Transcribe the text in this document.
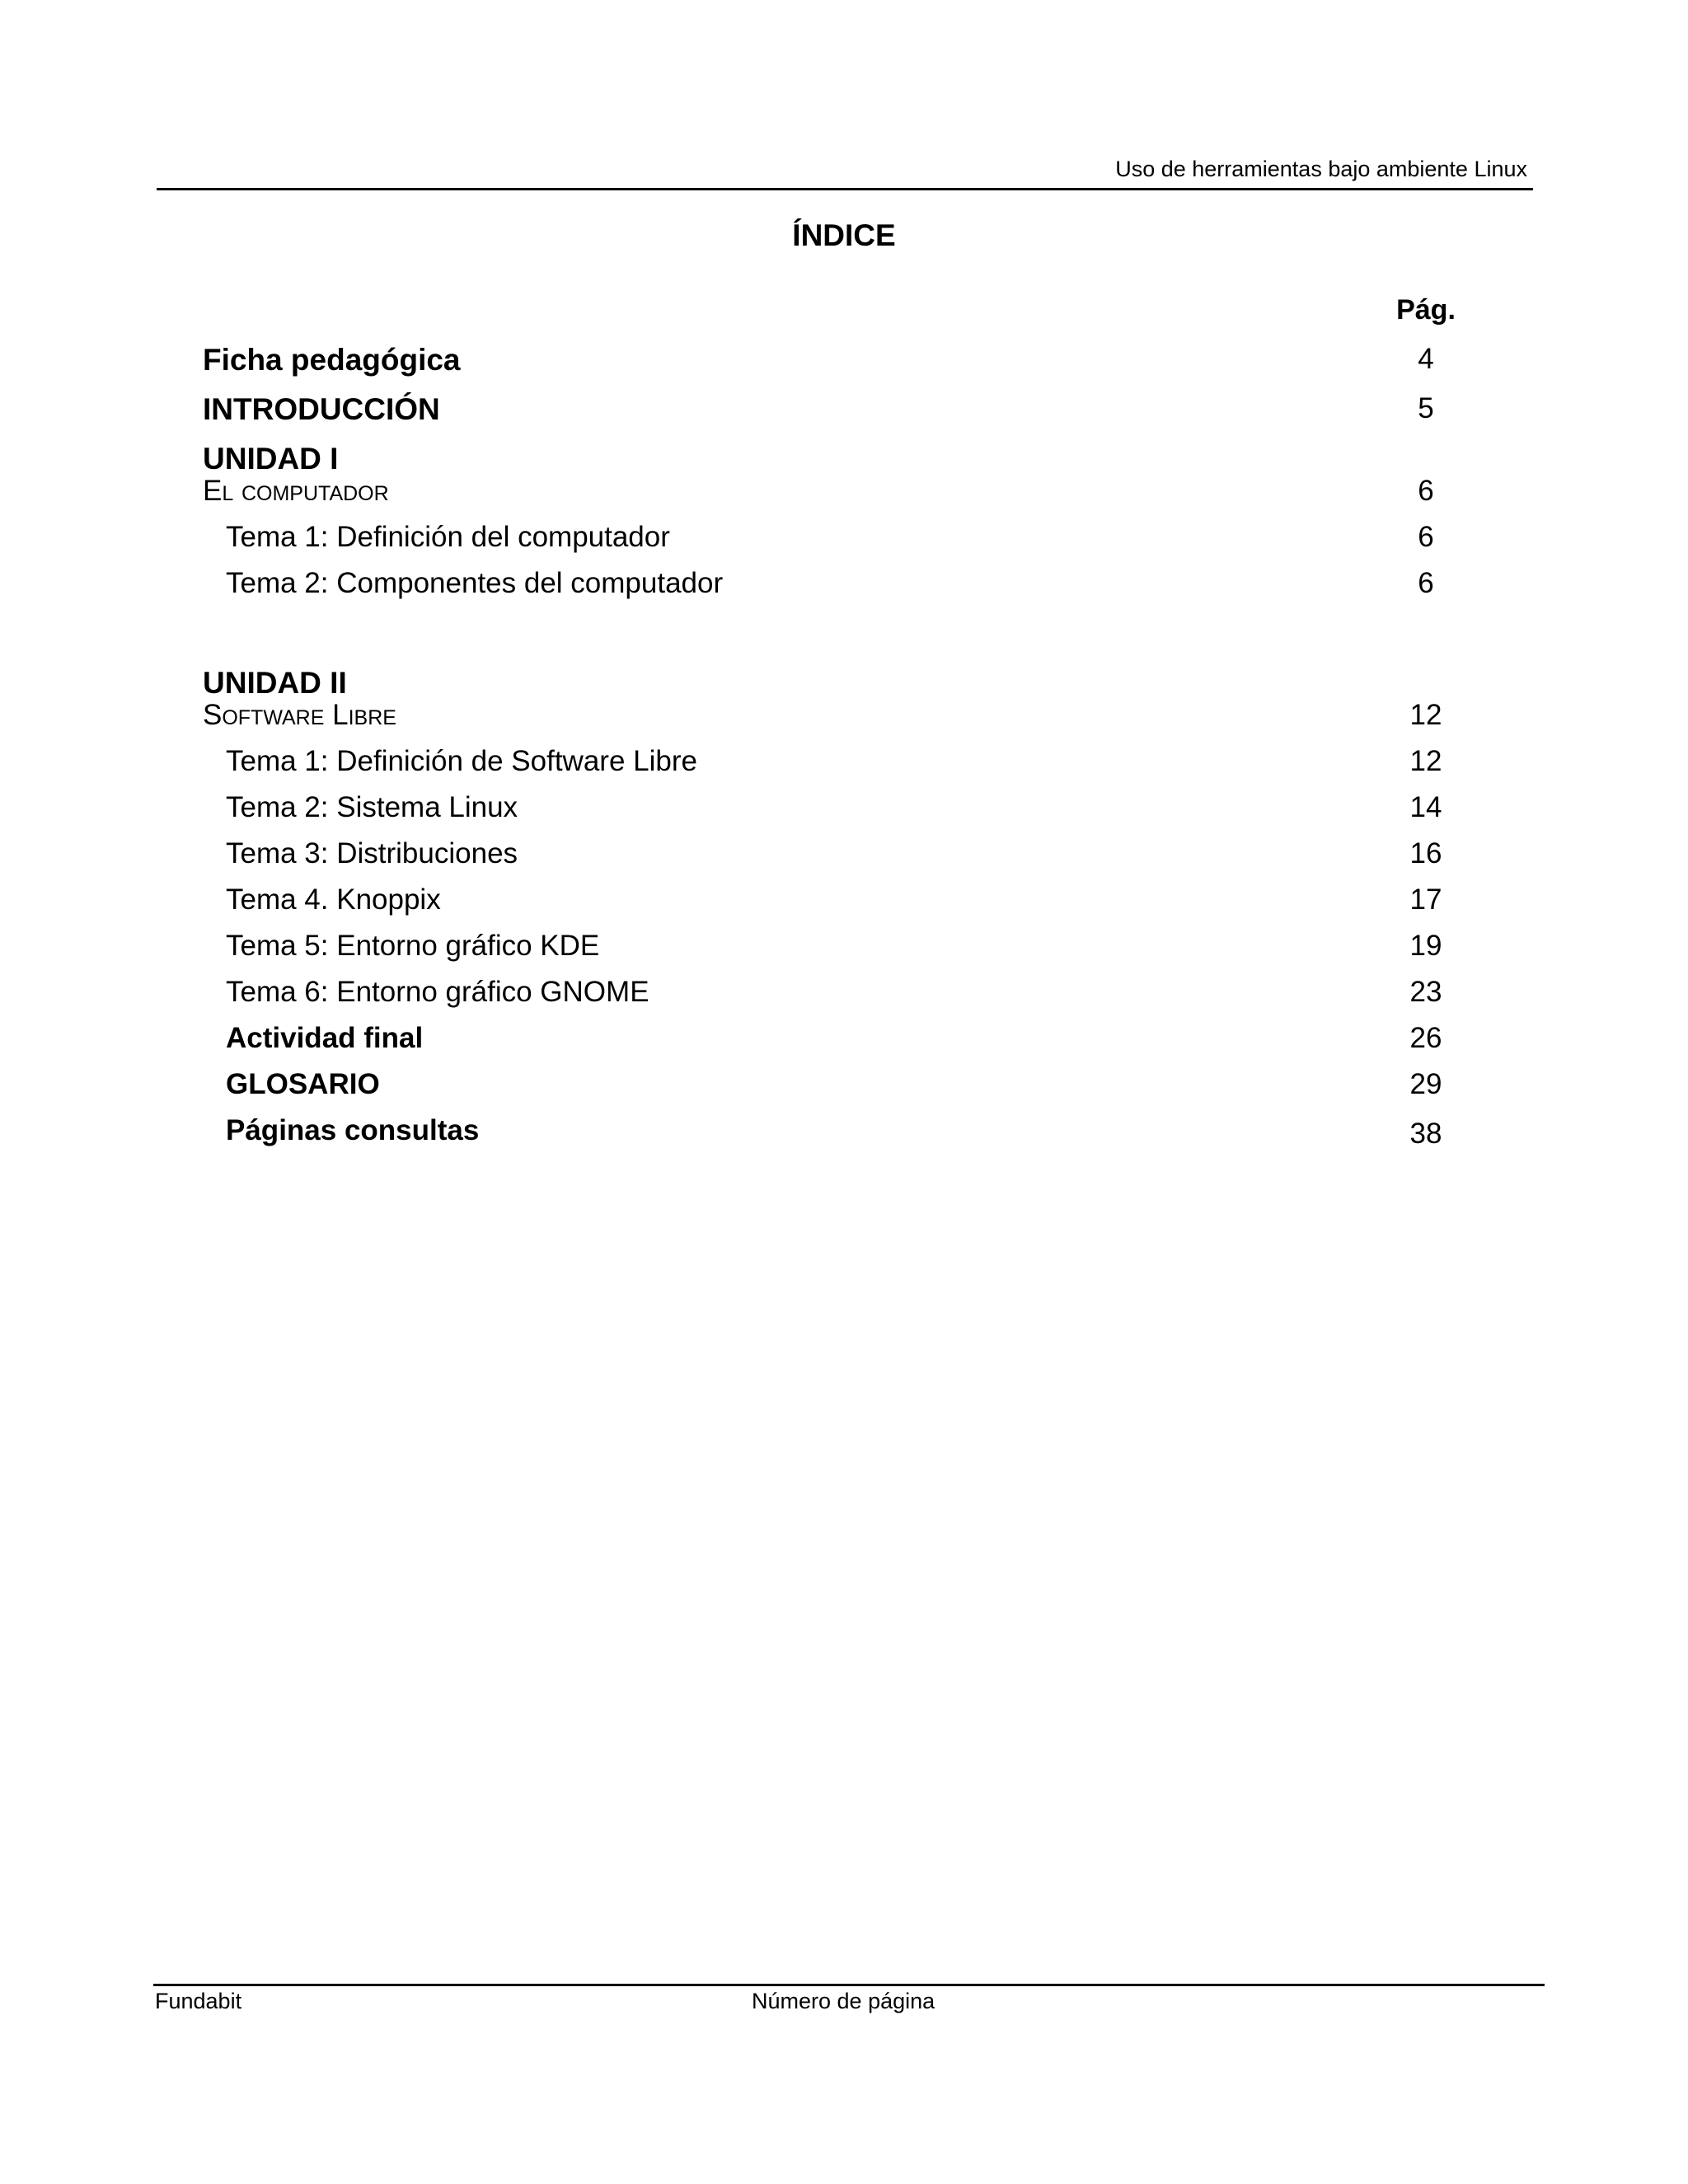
Uso de herramientas bajo ambiente Linux
ÍNDICE
Pág.
Ficha pedagógica	4
INTRODUCCIÓN	5
UNIDAD I
El computador	6
Tema 1: Definición del computador	6
Tema 2: Componentes del computador	6
UNIDAD II
Software Libre	12
Tema 1: Definición de Software Libre	12
Tema 2: Sistema Linux	14
Tema 3: Distribuciones	16
Tema 4. Knoppix	17
Tema 5: Entorno gráfico KDE	19
Tema 6: Entorno gráfico GNOME	23
Actividad final	26
GLOSARIO	29
Páginas consultas	38
Fundabit	Número de página
